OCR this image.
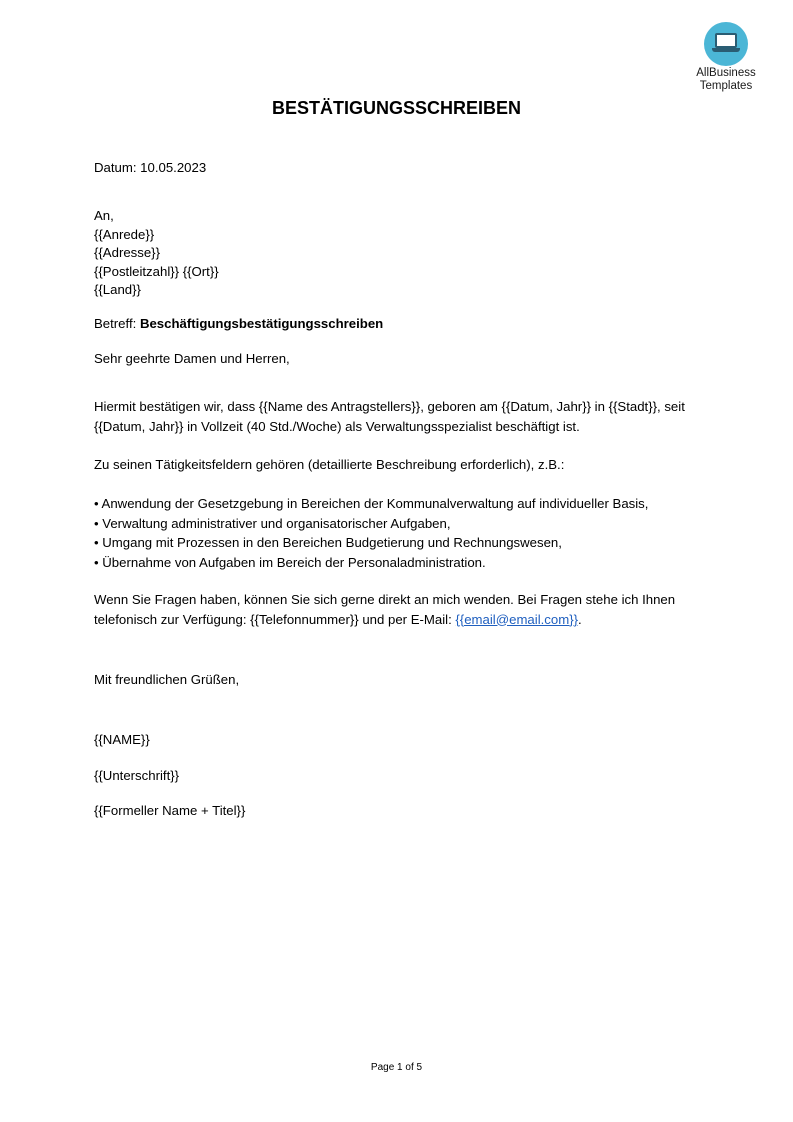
AllBusiness
Templates
BESTÄTIGUNGSSCHREIBEN
Datum: 10.05.2023
An,
{{Anrede}}
{{Adresse}}
{{Postleitzahl}} {{Ort}}
{{Land}}
Betreff: Beschäftigungsbestätigungsschreiben
Sehr geehrte Damen und Herren,
Hiermit bestätigen wir, dass {{Name des Antragstellers}}, geboren am {{Datum, Jahr}} in {{Stadt}}, seit {{Datum, Jahr}} in Vollzeit (40 Std./Woche) als Verwaltungsspezialist beschäftigt ist.
Zu seinen Tätigkeitsfeldern gehören (detaillierte Beschreibung erforderlich), z.B.:
• Anwendung der Gesetzgebung in Bereichen der Kommunalverwaltung auf individueller Basis,
• Verwaltung administrativer und organisatorischer Aufgaben,
• Umgang mit Prozessen in den Bereichen Budgetierung und Rechnungswesen,
• Übernahme von Aufgaben im Bereich der Personaladministration.
Wenn Sie Fragen haben, können Sie sich gerne direkt an mich wenden. Bei Fragen stehe ich Ihnen telefonisch zur Verfügung: {{Telefonnummer}} und per E-Mail: {{email@email.com}}.
Mit freundlichen Grüßen,
{{NAME}}
{{Unterschrift}}
{{Formeller Name + Titel}}
Page 1 of 5
